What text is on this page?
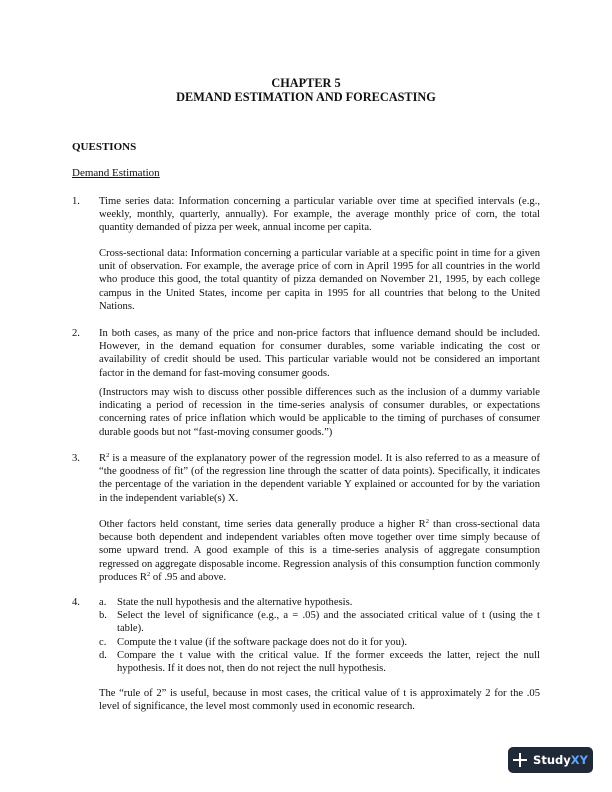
CHAPTER 5
DEMAND ESTIMATION AND FORECASTING
QUESTIONS
Demand Estimation
1. Time series data: Information concerning a particular variable over time at specified intervals (e.g., weekly, monthly, quarterly, annually). For example, the average monthly price of corn, the total quantity demanded of pizza per week, annual income per capita.

Cross-sectional data: Information concerning a particular variable at a specific point in time for a given unit of observation. For example, the average price of corn in April 1995 for all countries in the world who produce this good, the total quantity of pizza demanded on November 21, 1995, by each college campus in the United States, income per capita in 1995 for all countries that belong to the United Nations.

2. In both cases, as many of the price and non-price factors that influence demand should be included. However, in the demand equation for consumer durables, some variable indicating the cost or availability of credit should be used. This particular variable would not be considered an important factor in the demand for fast-moving consumer goods.

(Instructors may wish to discuss other possible differences such as the inclusion of a dummy variable indicating a period of recession in the time-series analysis of consumer durables, or expectations concerning rates of price inflation which would be applicable to the timing of purchases of consumer durable goods but not “fast-moving consumer goods.”)

3. $R^2$ is a measure of the explanatory power of the regression model. It is also referred to as a measure of “the goodness of fit” (of the regression line through the scatter of data points). Specifically, it indicates the percentage of the variation in the dependent variable Y explained or accounted for by the variation in the independent variable(s) X.

Other factors held constant, time series data generally produce a higher $R^2$ than cross-sectional data because both dependent and independent variables often move together over time simply because of some upward trend. A good example of this is a time-series analysis of aggregate consumption regressed on aggregate disposable income. Regression analysis of this consumption function commonly produces $R^2$ of .95 and above.

4. a. State the null hypothesis and the alternative hypothesis.
b. Select the level of significance (e.g., a = .05) and the associated critical value of t (using the t table).
c. Compute the t value (if the software package does not do it for you).
d. Compare the t value with the critical value. If the former exceeds the latter, reject the null hypothesis. If it does not, then do not reject the null hypothesis.

The “rule of 2” is useful, because in most cases, the critical value of t is approximately 2 for the .05 level of significance, the level most commonly used in economic research.

Study XY
